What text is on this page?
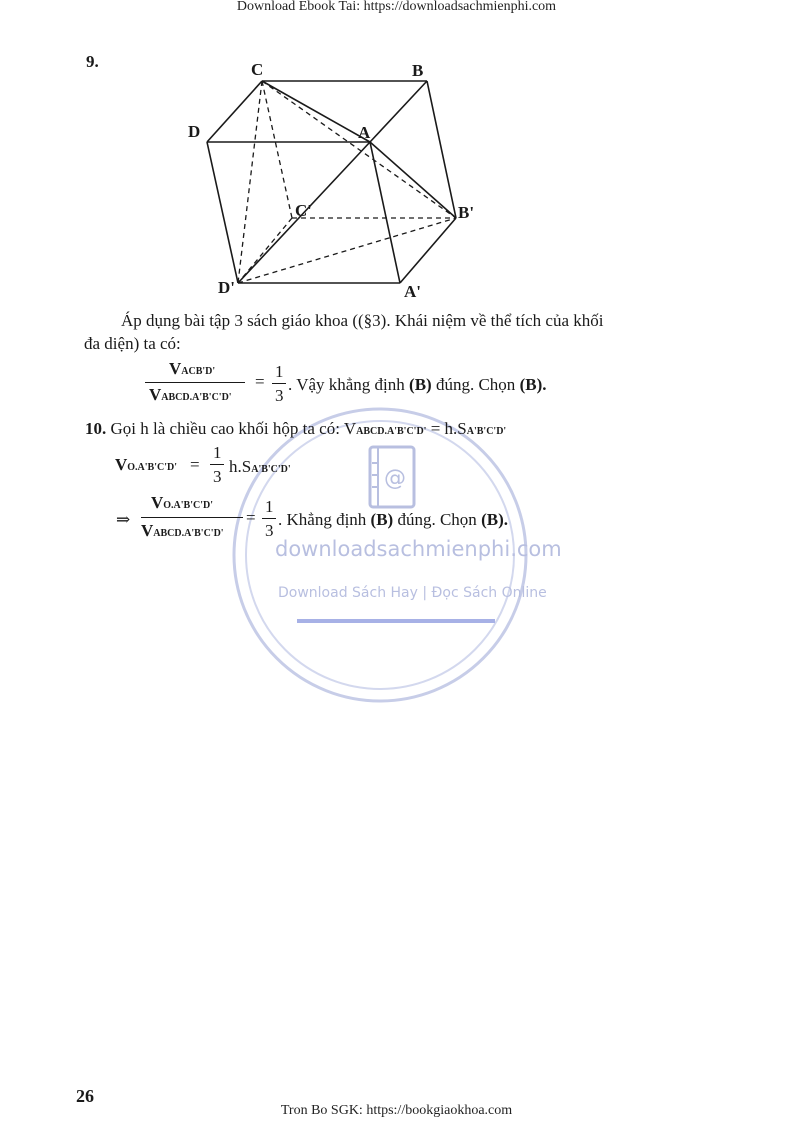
Download Ebook Tai: https://downloadsachmienphi.com
@
downloadsachmienphi.com
Download Sách Hay | Đọc Sách Online
9.	C	B
D	A
C'	B'
D'	A'
Áp dụng bài tập 3 sách giáo khoa ((§3). Khái niệm về thể tích của khối
đa diện) ta có:
VACB'D'
VABCD.A'B'C'D'
=
1
3
. Vậy khẳng định (B) đúng. Chọn (B).
10. Gọi h là chiều cao khối hộp ta có: VABCD.A'B'C'D' = h.SA'B'C'D'
VO.A'B'C'D' =
1
3
h.SA'B'C'D'
⇒
VO.A'B'C'D'
VABCD.A'B'C'D'
=
1
3
. Khẳng định (B) đúng. Chọn (B).
26
Tron Bo SGK: https://bookgiaokhoa.com
